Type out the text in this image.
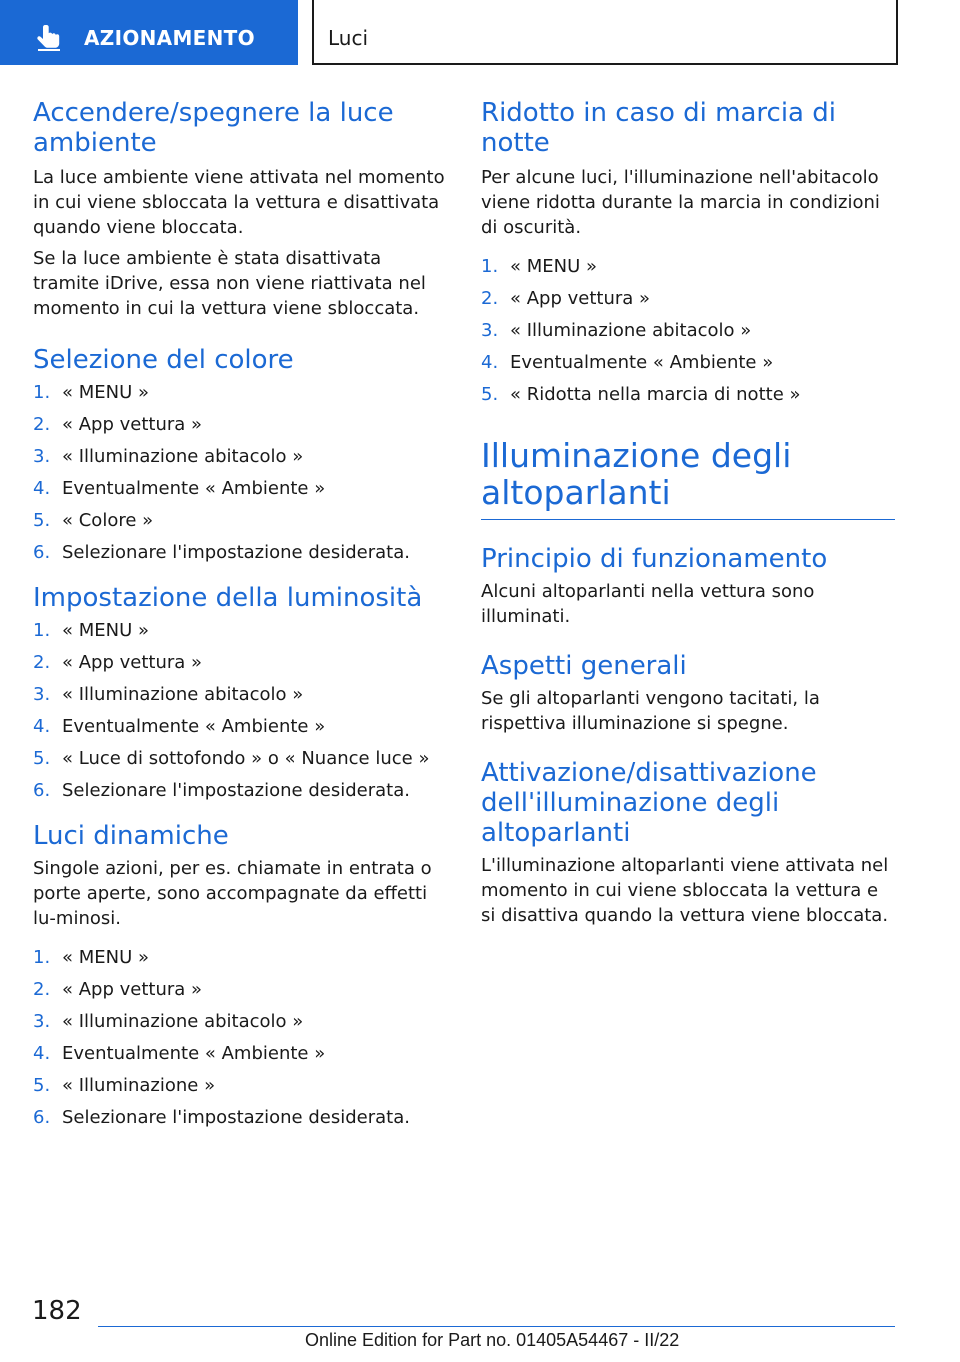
AZIONAMENTO	Luci
Accendere/spegnere la luce ambiente

La luce ambiente viene attivata nel momento in cui viene sbloccata la vettura e disattivata quando viene bloccata.

Se la luce ambiente è stata disattivata tramite iDrive, essa non viene riattivata nel momento in cui la vettura viene sbloccata.

Selezione del colore
1. « MENU »
2. « App vettura »
3. « Illuminazione abitacolo »
4. Eventualmente « Ambiente »
5. « Colore »
6. Selezionare l'impostazione desiderata.
Impostazione della luminosità
1. « MENU »
2. « App vettura »
3. « Illuminazione abitacolo »
4. Eventualmente « Ambiente »
5. « Luce di sottofondo » o « Nuance luce »
6. Selezionare l'impostazione desiderata.
Luci dinamiche

Singole azioni, per es. chiamate in entrata o porte aperte, sono accompagnate da effetti lu-minosi.

1. « MENU »
2. « App vettura »
3. « Illuminazione abitacolo »
4. Eventualmente « Ambiente »
5. « Illuminazione »
6. Selezionare l'impostazione desiderata.
Ridotto in caso di marcia di notte

Per alcune luci, l'illuminazione nell'abitacolo viene ridotta durante la marcia in condizioni di oscurità.

1. « MENU »
2. « App vettura »
3. « Illuminazione abitacolo »
4. Eventualmente « Ambiente »
5. « Ridotta nella marcia di notte »
Illuminazione degli altoparlanti
Principio di funzionamento

Alcuni altoparlanti nella vettura sono illuminati.

Aspetti generali

Se gli altoparlanti vengono tacitati, la rispettiva illuminazione si spegne.

Attivazione/disattivazione dell'illuminazione degli altoparlanti

L'illuminazione altoparlanti viene attivata nel momento in cui viene sbloccata la vettura e si disattiva quando la vettura viene bloccata.

182
Online Edition for Part no. 01405A54467 - II/22
